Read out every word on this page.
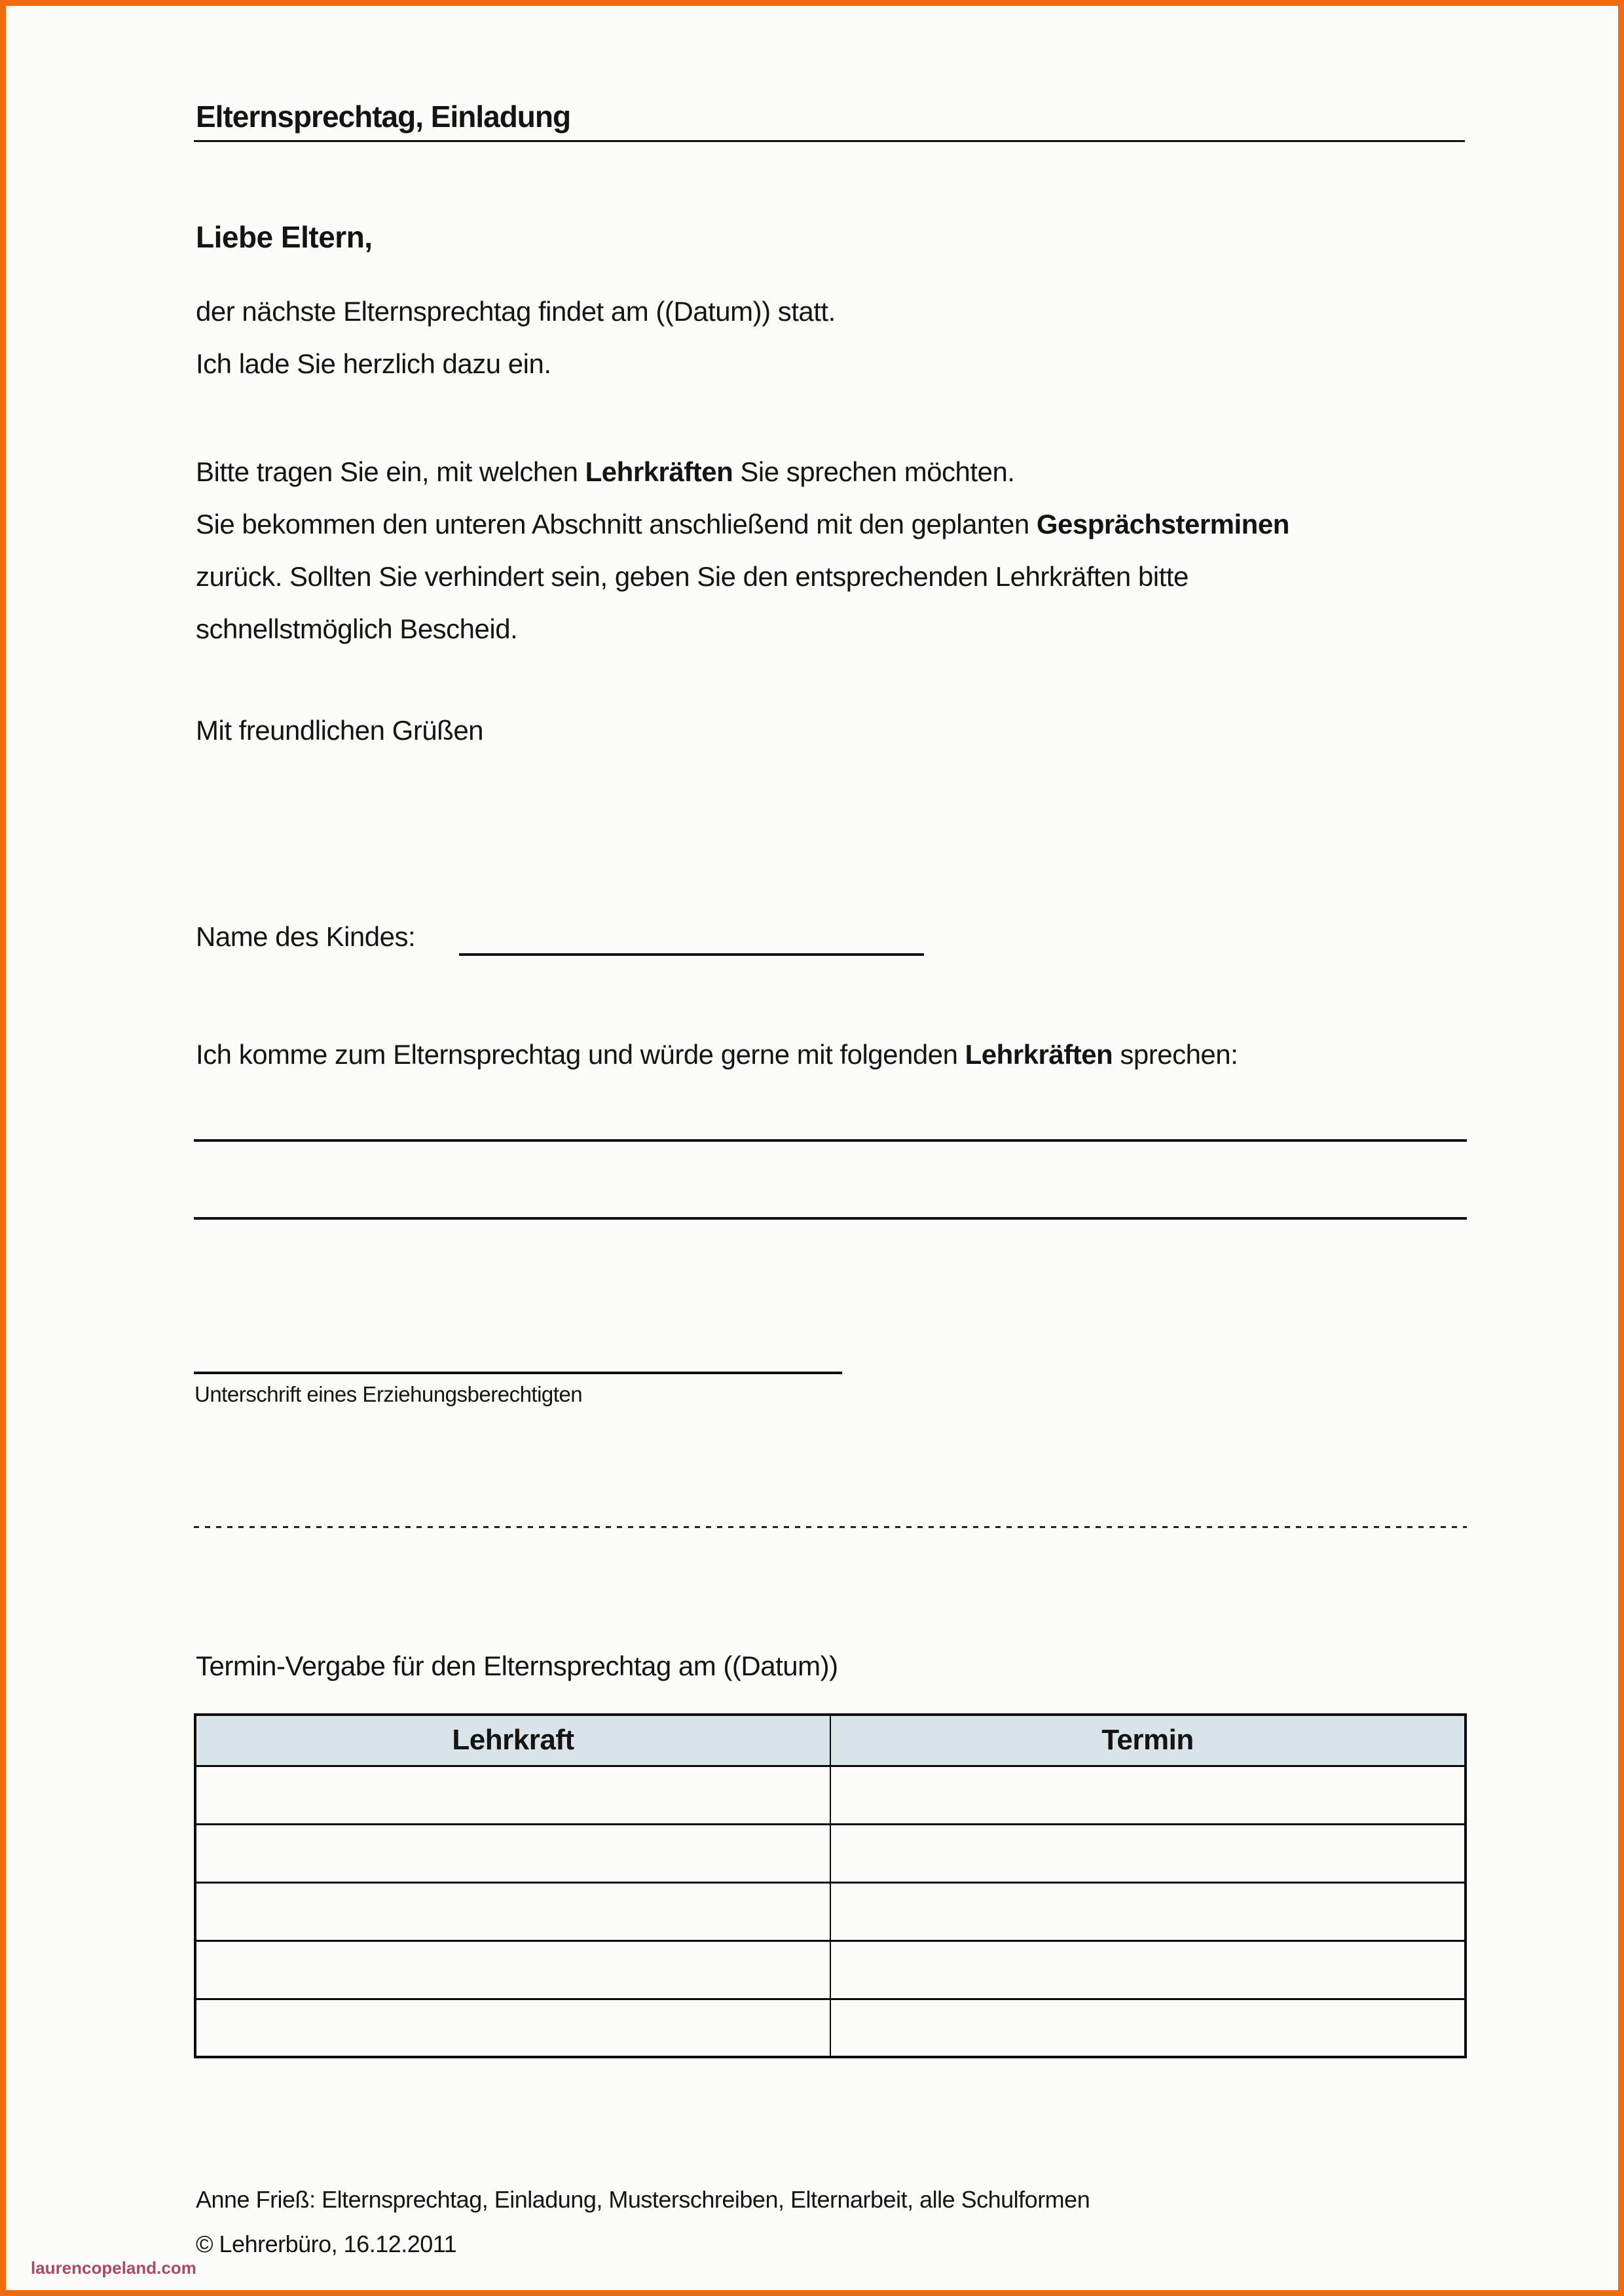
Elternsprechtag, Einladung
Liebe Eltern,
der nächste Elternsprechtag findet am ((Datum)) statt.
Ich lade Sie herzlich dazu ein.
Bitte tragen Sie ein, mit welchen Lehrkräften Sie sprechen möchten.
Sie bekommen den unteren Abschnitt anschließend mit den geplanten Gesprächsterminen
zurück. Sollten Sie verhindert sein, geben Sie den entsprechenden Lehrkräften bitte
schnellstmöglich Bescheid.
Mit freundlichen Grüßen
Name des Kindes:
Ich komme zum Elternsprechtag und würde gerne mit folgenden Lehrkräften sprechen:
Unterschrift eines Erziehungsberechtigten
Termin-Vergabe für den Elternsprechtag am ((Datum))
Lehrkraft	Termin

Anne Frieß: Elternsprechtag, Einladung, Musterschreiben, Elternarbeit, alle Schulformen
© Lehrerbüro, 16.12.2011
laurencopeland.com
